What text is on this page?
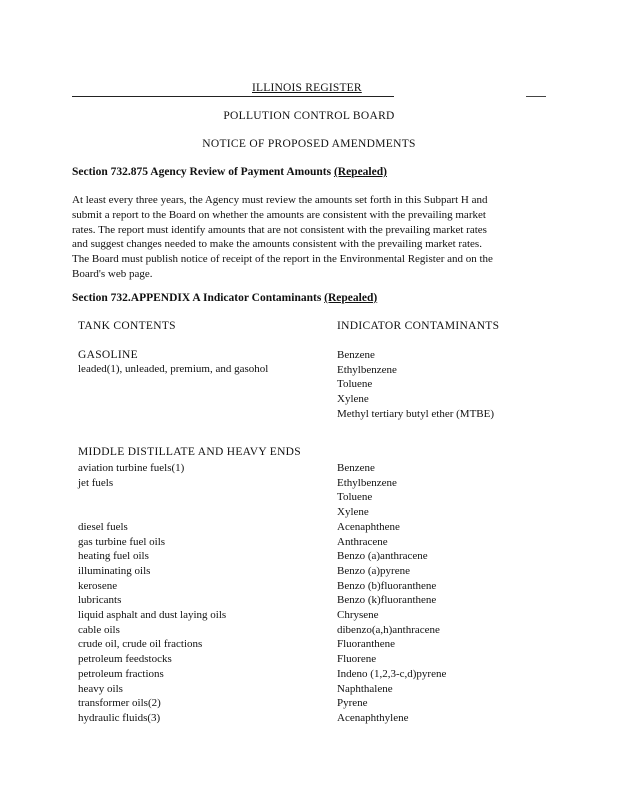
ILLINOIS REGISTER
POLLUTION CONTROL BOARD
NOTICE OF PROPOSED AMENDMENTS
Section 732.875 Agency Review of Payment Amounts (Repealed)
At least every three years, the Agency must review the amounts set forth in this Subpart H and
submit a report to the Board on whether the amounts are consistent with the prevailing market
rates. The report must identify amounts that are not consistent with the prevailing market rates
and suggest changes needed to make the amounts consistent with the prevailing market rates.
The Board must publish notice of receipt of the report in the Environmental Register and on the
Board's web page.
Section 732.APPENDIX A Indicator Contaminants (Repealed)
TANK CONTENTS	INDICATOR CONTAMINANTS
GASOLINE
leaded(1), unleaded, premium, and gasohol
Benzene
Ethylbenzene
Toluene
Xylene
Methyl tertiary butyl ether (MTBE)
MIDDLE DISTILLATE AND HEAVY ENDS
aviation turbine fuels(1)
jet fuels
diesel fuels
gas turbine fuel oils
heating fuel oils
illuminating oils
kerosene
lubricants
liquid asphalt and dust laying oils
cable oils
crude oil, crude oil fractions
petroleum feedstocks
petroleum fractions
heavy oils
transformer oils(2)
hydraulic fluids(3)
Benzene
Ethylbenzene
Toluene
Xylene
Acenaphthene
Anthracene
Benzo (a)anthracene
Benzo (a)pyrene
Benzo (b)fluoranthene
Benzo (k)fluoranthene
Chrysene
dibenzo(a,h)anthracene
Fluoranthene
Fluorene
Indeno (1,2,3-c,d)pyrene
Naphthalene
Pyrene
Acenaphthylene
